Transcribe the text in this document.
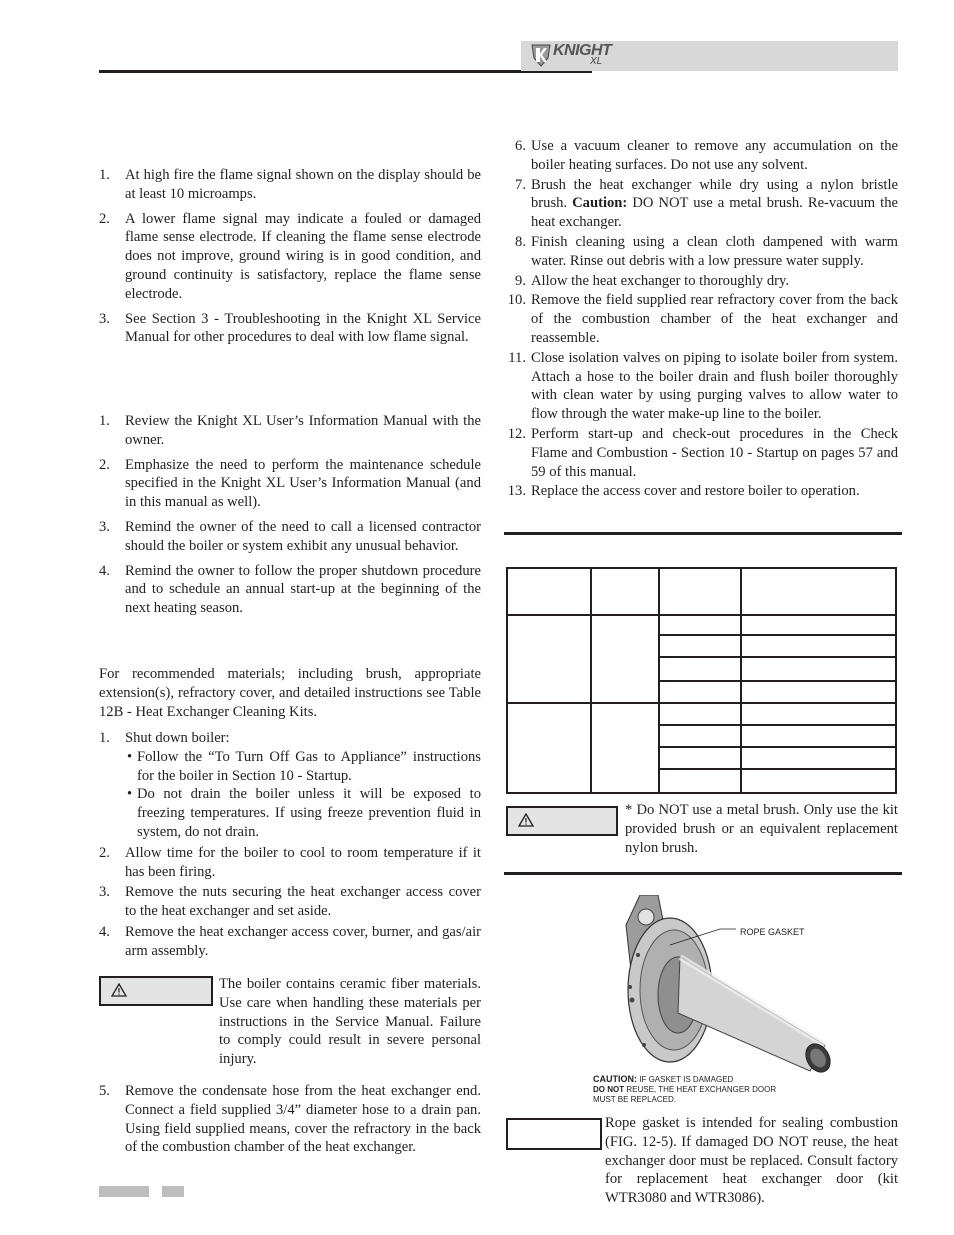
KNIGHT
XL
1. At high fire the flame signal shown on the display should be at least 10 microamps.
2. A lower flame signal may indicate a fouled or damaged flame sense electrode. If cleaning the flame sense electrode does not improve, ground wiring is in good condition, and ground continuity is satisfactory, replace the flame sense electrode.
3. See Section 3 - Troubleshooting in the Knight XL Service Manual for other procedures to deal with low flame signal.
1. Review the Knight XL User’s Information Manual with the owner.
2. Emphasize the need to perform the maintenance schedule specified in the Knight XL User’s Information Manual (and in this manual as well).
3. Remind the owner of the need to call a licensed contractor should the boiler or system exhibit any unusual behavior.
4. Remind the owner to follow the proper shutdown procedure and to schedule an annual start-up at the beginning of the next heating season.

For recommended materials; including brush, appropriate extension(s), refractory cover, and detailed instructions see Table 12B - Heat Exchanger Cleaning Kits.

1. Shut down boiler:
• Follow the “To Turn Off Gas to Appliance” instructions for the boiler in Section 10 - Startup.
• Do not drain the boiler unless it will be exposed to freezing temperatures. If using freeze prevention fluid in system, do not drain.
2. Allow time for the boiler to cool to room temperature if it has been firing.
3. Remove the nuts securing the heat exchanger access cover to the heat exchanger and set aside.
4. Remove the heat exchanger access cover, burner, and gas/air arm assembly.

The boiler contains ceramic fiber materials. Use care when handling these materials per instructions in the Service Manual. Failure to comply could result in severe personal injury.

5. Remove the condensate hose from the heat exchanger end. Connect a field supplied 3/4” diameter hose to a drain pan. Using field supplied means, cover the refractory in the back of the combustion chamber of the heat exchanger.
6. Use a vacuum cleaner to remove any accumulation on the boiler heating surfaces. Do not use any solvent.
7. Brush the heat exchanger while dry using a nylon bristle brush. Caution: DO NOT use a metal brush. Re-vacuum the heat exchanger.
8. Finish cleaning using a clean cloth dampened with warm water. Rinse out debris with a low pressure water supply.
9. Allow the heat exchanger to thoroughly dry.
10. Remove the field supplied rear refractory cover from the back of the combustion chamber of the heat exchanger and reassemble.
11. Close isolation valves on piping to isolate boiler from system. Attach a hose to the boiler drain and flush boiler thoroughly with clean water by using purging valves to allow water to flow through the water make-up line to the boiler.
12. Perform start-up and check-out procedures in the Check Flame and Combustion - Section 10 - Startup on pages 57 and 59 of this manual.
13. Replace the access cover and restore boiler to operation.

* Do NOT use a metal brush. Only use the kit provided brush or an equivalent replacement nylon brush.

ROPE GASKET
CAUTION: IF GASKET IS DAMAGED
DO NOT REUSE, THE HEAT EXCHANGER DOOR
MUST BE REPLACED.

Rope gasket is intended for sealing combustion (FIG. 12-5). If damaged DO NOT reuse, the heat exchanger door must be replaced. Consult factory for replacement heat exchanger door (kit WTR3080 and WTR3086).
